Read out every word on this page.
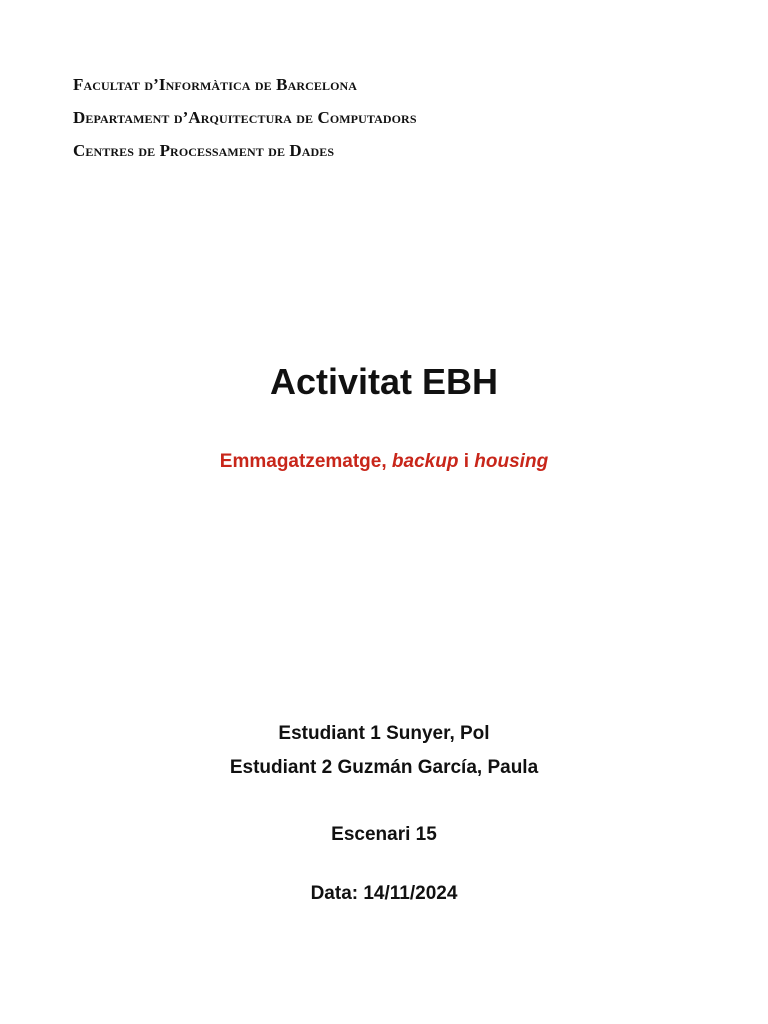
Facultat d’Informàtica de Barcelona
Departament d’Arquitectura de Computadors
Centres de Processament de Dades
Activitat EBH
Emmagatzematge, backup i housing
Estudiant 1 Sunyer, Pol
Estudiant 2 Guzmán García, Paula
Escenari 15
Data: 14/11/2024
